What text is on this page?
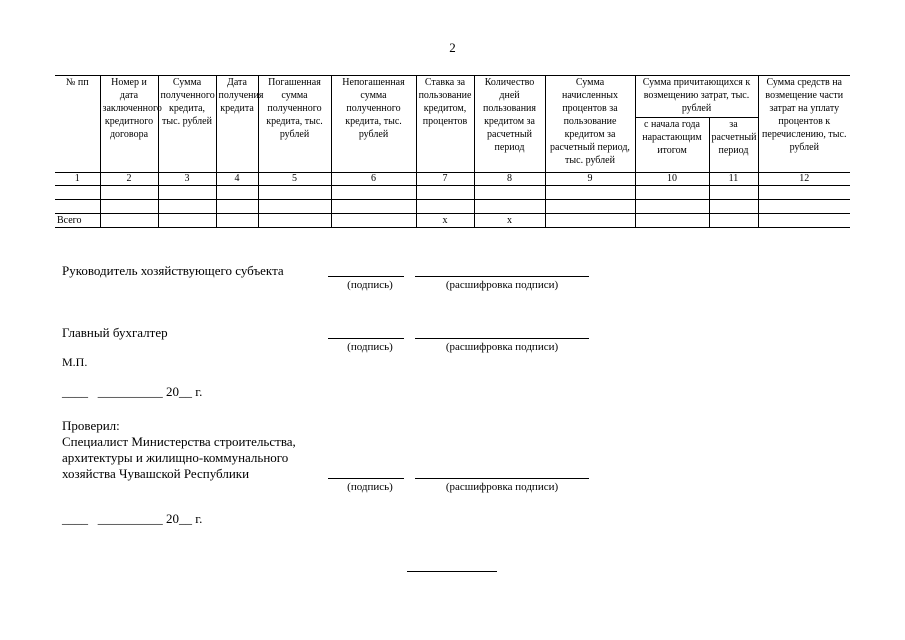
2
№ пп	Номер и дата заключенного кредитного договора	Сумма полученного кредита, тыс. рублей	Дата получения кредита	Погашенная сумма полученного кредита, тыс. рублей	Непогашенная сумма полученного кредита, тыс. рублей	Ставка за пользование кредитом, процентов	Количество дней пользования кредитом за расчетный период	Сумма начисленных процентов за пользование кредитом за расчетный период, тыс. рублей	Сумма причитающихся к возмещению затрат, тыс. рублей		Сумма средств на возмещение части затрат на уплату процентов к перечислению, тыс. рублей
									с начала года нарастающим итогом	за расчетный период	
1	2	3	4	5	6	7	8	9	10	11	12

Всего						x	x				
Руководитель хозяйствующего субъекта
(подпись)	(расшифровка подписи)
Главный бухгалтер
(подпись)	(расшифровка подписи)
М.П.
____   __________ 20__ г.
Проверил:
Специалист Министерства строительства,
архитектуры и жилищно-коммунального
хозяйства Чувашской Республики
(подпись)	(расшифровка подписи)
____   __________ 20__ г.
